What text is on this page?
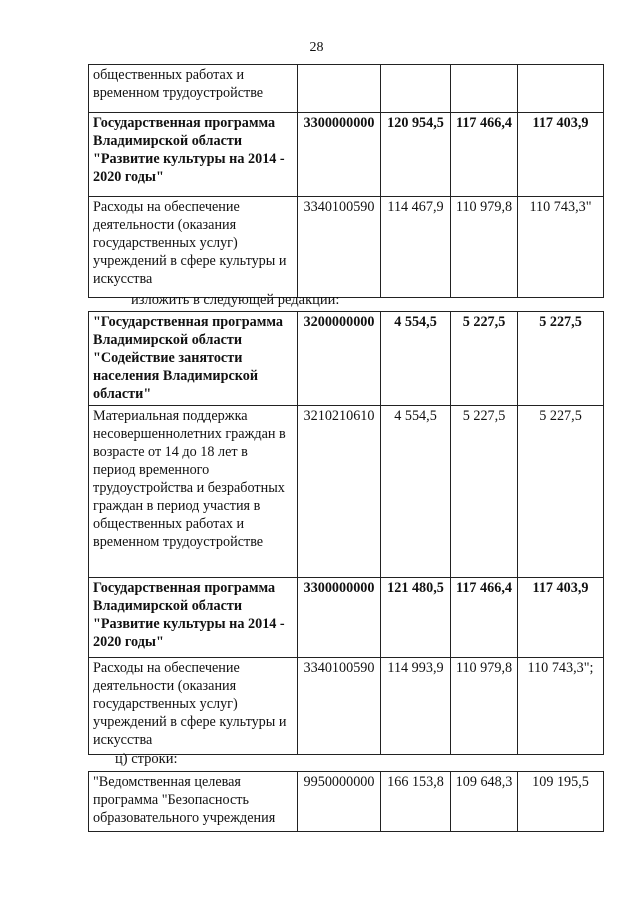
28
общественных работах и временном трудоустройстве				
Государственная программа Владимирской области "Развитие культуры на 2014 - 2020 годы"	3300000000	120 954,5	117 466,4	117 403,9
Расходы на обеспечение деятельности (оказания государственных услуг) учреждений в сфере культуры и искусства	3340100590	114 467,9	110 979,8	110 743,3"
изложить в следующей редакции:
"Государственная программа Владимирской области "Содействие занятости населения Владимирской области"	3200000000	4 554,5	5 227,5	5 227,5
Материальная поддержка несовершеннолетних граждан в возрасте от 14 до 18 лет в период временного трудоустройства и безработных граждан в период участия в общественных работах и временном трудоустройстве	3210210610	4 554,5	5 227,5	5 227,5
Государственная программа Владимирской области "Развитие культуры на 2014 - 2020 годы"	3300000000	121 480,5	117 466,4	117 403,9
Расходы на обеспечение деятельности (оказания государственных услуг) учреждений в сфере культуры и искусства	3340100590	114 993,9	110 979,8	110 743,3";
ц) строки:
"Ведомственная целевая программа "Безопасность образовательного учреждения	9950000000	166 153,8	109 648,3	109 195,5
